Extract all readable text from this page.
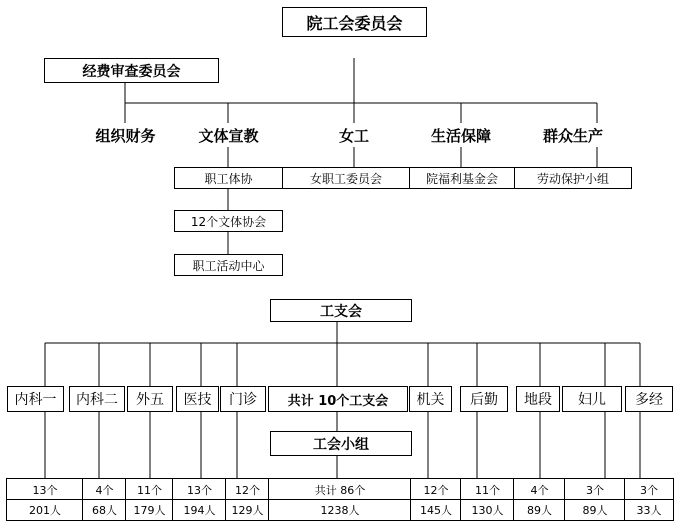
院工会委员会
经费审查委员会
组织财务	文体宣教	女工	生活保障	群众生产
职工体协	女职工委员会	院福利基金会	劳动保护小组
12个文体协会
职工活动中心
工支会
工会小组
内科一	内科二	外五	医技	门诊	共计 10个工支会	机关	后勤	地段	妇儿	多经
13个	4个	11个	13个	12个	共计 86个	12个	11个	4个	3个	3个
201人	68人	179人	194人	129人	1238人	145人	130人	89人	89人	33人
